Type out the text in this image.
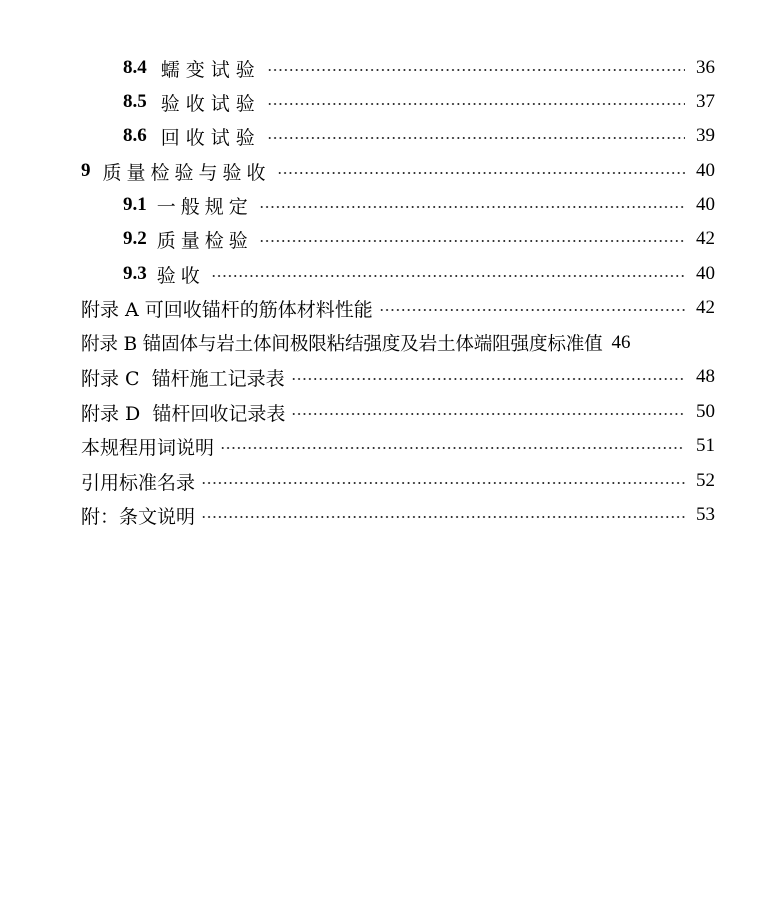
8.4 蠕变试验	36
8.5 验收试验	37
8.6 回收试验	39
9 质量检验与验收	40
9.1 一般规定	40
9.2 质量检验	42
9.3 验收	40
附录 A 可回收锚杆的筋体材料性能	42
附录 B 锚固体与岩土体间极限粘结强度及岩土体端阻强度标准值 46
附录 C  锚杆施工记录表	48
附录 D  锚杆回收记录表	50
本规程用词说明	51
引用标准名录	52
附：条文说明	53
